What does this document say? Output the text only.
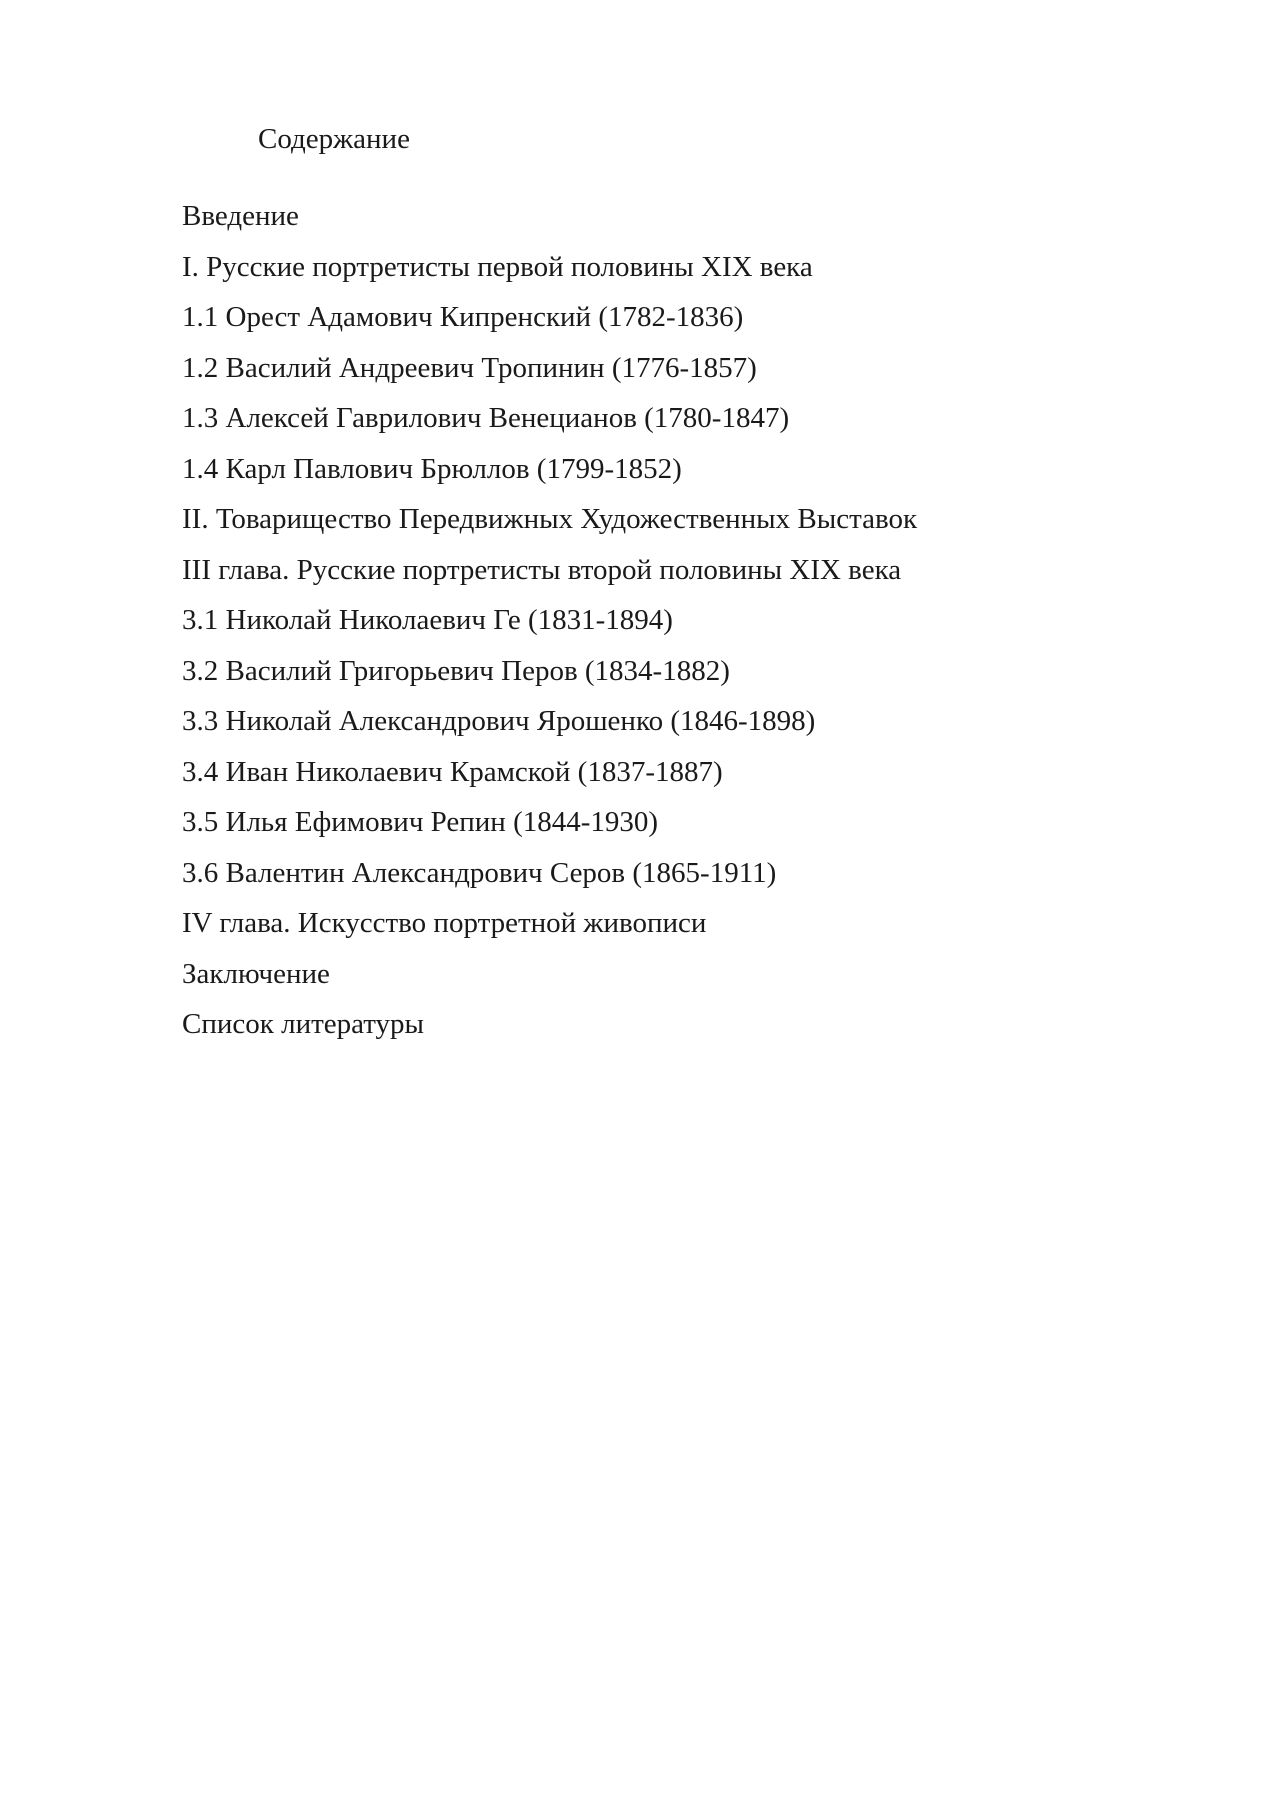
Содержание
Введение
I. Русские портретисты первой половины XIX века
1.1 Орест Адамович Кипренский (1782-1836)
1.2 Василий Андреевич Тропинин (1776-1857)
1.3 Алексей Гаврилович Венецианов (1780-1847)
1.4 Карл Павлович Брюллов (1799-1852)
II. Товарищество Передвижных Художественных Выставок
III глава. Русские портретисты второй половины XIX века
3.1 Николай Николаевич Ге (1831-1894)
3.2 Василий Григорьевич Перов (1834-1882)
3.3 Николай Александрович Ярошенко (1846-1898)
3.4 Иван Николаевич Крамской (1837-1887)
3.5 Илья Ефимович Репин (1844-1930)
3.6 Валентин Александрович Серов (1865-1911)
IV глава. Искусство портретной живописи
Заключение
Список литературы
